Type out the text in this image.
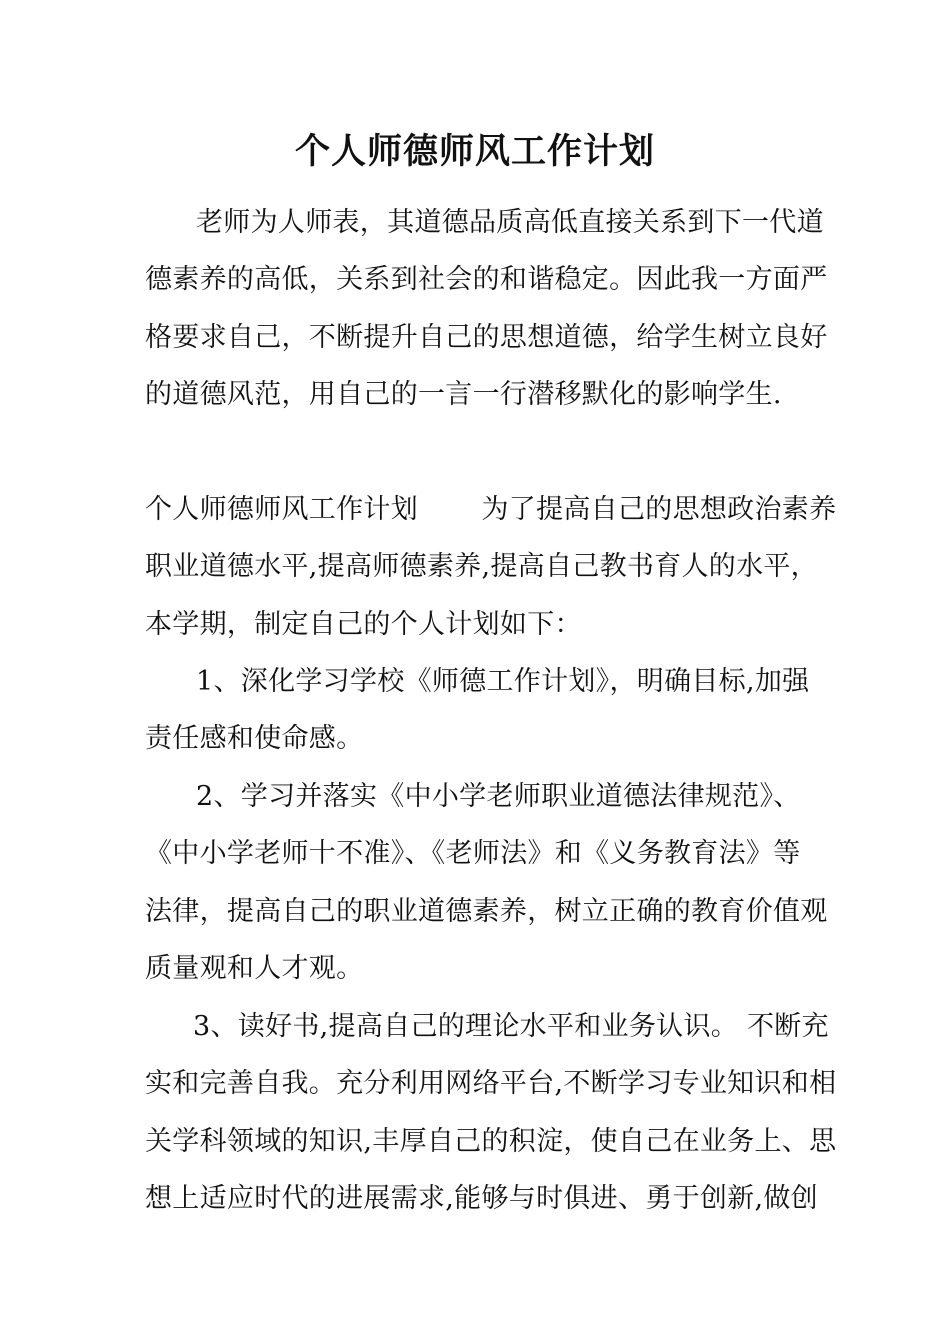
个人师德师风工作计划
老师为人师表，其道德品质高低直接关系到下一代道
德素养的高低，关系到社会的和谐稳定。因此我一方面严
格要求自己，不断提升自己的思想道德，给学生树立良好
的道德风范，用自己的一言一行潜移默化的影响学生.
个人师德师风工作计划　　 为了提高自己的思想政治素养
职业道德水平,提高师德素养,提高自己教书育人的水平，
本学期，制定自己的个人计划如下：
1、深化学习学校《师德工作计划》，明确目标,加强
责任感和使命感。
2、学习并落实《中小学老师职业道德法律规范》、
《中小学老师十不准》、《老师法》和《义务教育法》等
法律，提高自己的职业道德素养，树立正确的教育价值观
质量观和人才观。
3、读好书,提高自己的理论水平和业务认识。 不断充
实和完善自我。充分利用网络平台,不断学习专业知识和相
关学科领域的知识,丰厚自己的积淀，使自己在业务上、思
想上适应时代的进展需求,能够与时俱进、勇于创新,做创
